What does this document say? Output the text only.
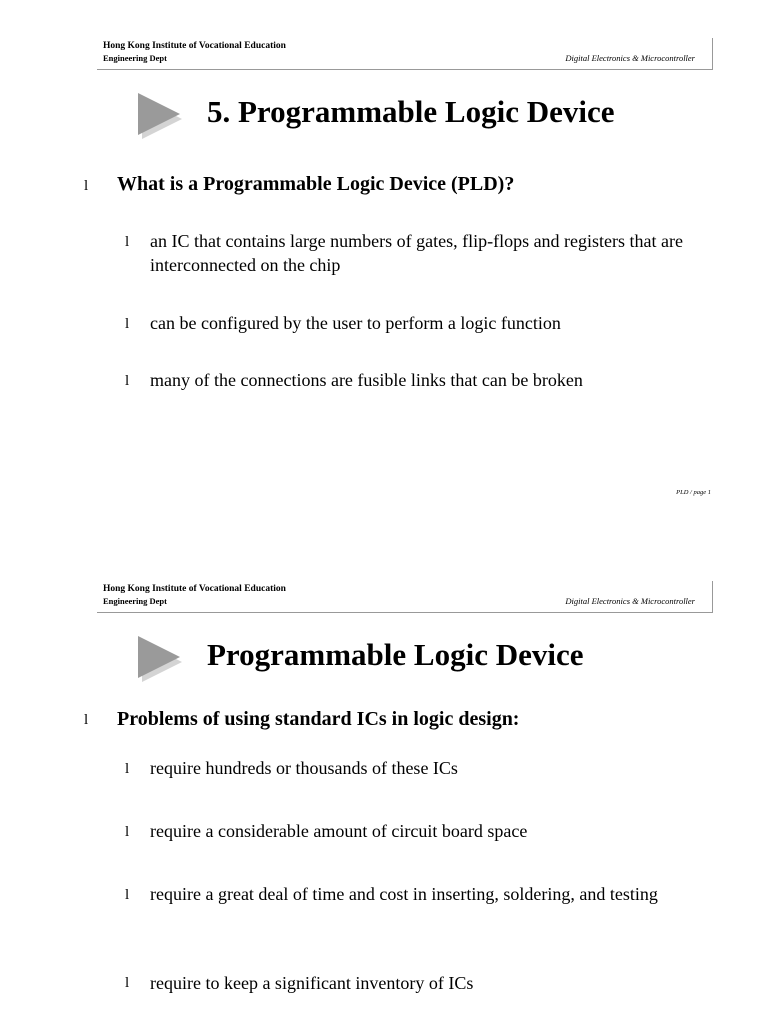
Hong Kong Institute of Vocational Education
Engineering Dept	Digital Electronics & Microcontroller
5. Programmable Logic Device
l What is a Programmable Logic Device (PLD)?
l an IC that contains large numbers of gates, flip-flops and registers that are interconnected on the chip
l can be configured by the user to perform a logic function
l many of the connections are fusible links that can be broken
PLD / page 1
Hong Kong Institute of Vocational Education
Engineering Dept	Digital Electronics & Microcontroller
Programmable Logic Device
l Problems of using standard ICs in logic design:
l require hundreds or thousands of these ICs
l require a considerable amount of circuit board space
l require a great deal of time and cost in inserting, soldering, and testing
l require to keep a significant inventory of ICs
